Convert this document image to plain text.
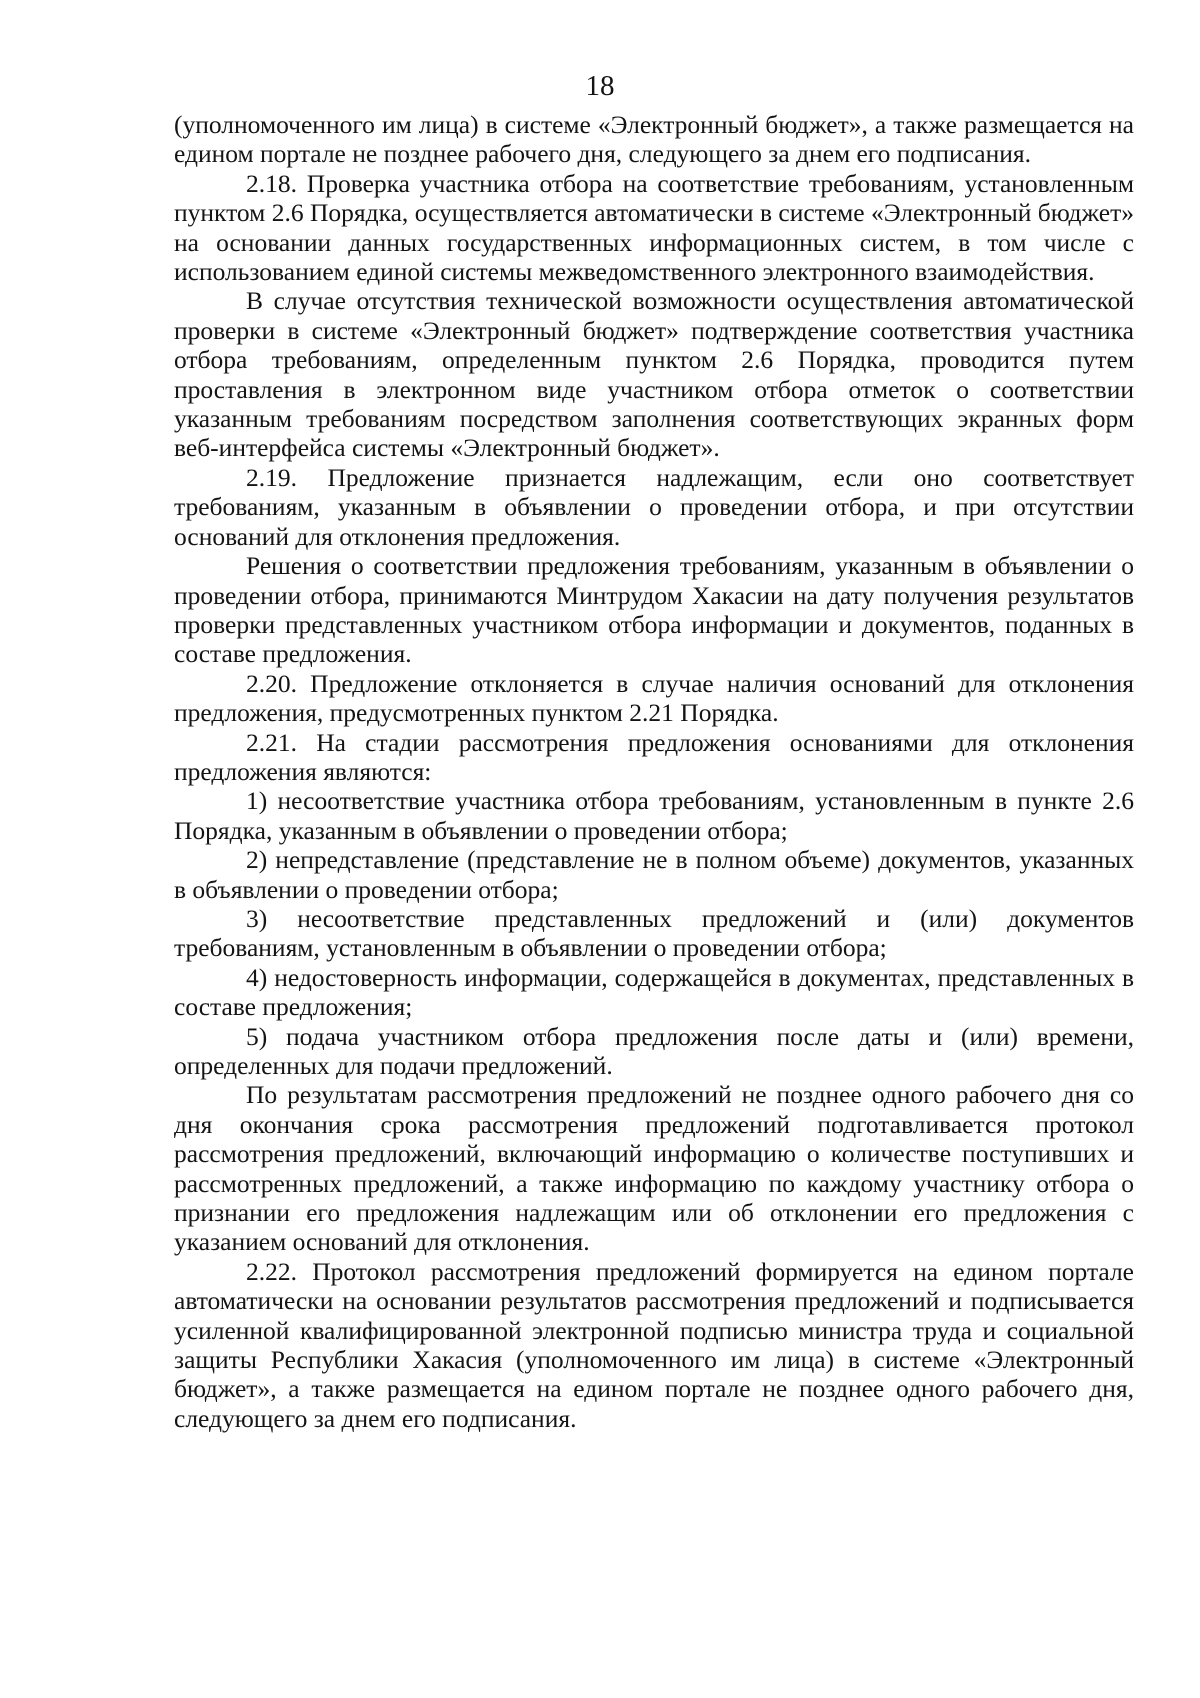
18

(уполномоченного им лица) в системе «Электронный бюджет», а также размещается на едином портале не позднее рабочего дня, следующего за днем его подписания.

2.18. Проверка участника отбора на соответствие требованиям, установленным пунктом 2.6 Порядка, осуществляется автоматически в системе «Электронный бюджет» на основании данных государственных информационных систем, в том числе с использованием единой системы межведомственного электронного взаимодействия.

В случае отсутствия технической возможности осуществления автоматической проверки в системе «Электронный бюджет» подтверждение соответствия участника отбора требованиям, определенным пунктом 2.6 Порядка, проводится путем проставления в электронном виде участником отбора отметок о соответствии указанным требованиям посредством заполнения соответствующих экранных форм веб-интерфейса системы «Электронный бюджет».

2.19. Предложение признается надлежащим, если оно соответствует требованиям, указанным в объявлении о проведении отбора, и при отсутствии оснований для отклонения предложения.

Решения о соответствии предложения требованиям, указанным в объявлении о проведении отбора, принимаются Минтрудом Хакасии на дату получения результатов проверки представленных участником отбора информации и документов, поданных в составе предложения.

2.20. Предложение отклоняется в случае наличия оснований для отклонения предложения, предусмотренных пунктом 2.21 Порядка.

2.21. На стадии рассмотрения предложения основаниями для отклонения предложения являются:

1) несоответствие участника отбора требованиям, установленным в пункте 2.6 Порядка, указанным в объявлении о проведении отбора;

2) непредставление (представление не в полном объеме) документов, указанных в объявлении о проведении отбора;

3) несоответствие представленных предложений и (или) документов требованиям, установленным в объявлении о проведении отбора;

4) недостоверность информации, содержащейся в документах, представленных в составе предложения;

5) подача участником отбора предложения после даты и (или) времени, определенных для подачи предложений.

По результатам рассмотрения предложений не позднее одного рабочего дня со дня окончания срока рассмотрения предложений подготавливается протокол рассмотрения предложений, включающий информацию о количестве поступивших и рассмотренных предложений, а также информацию по каждому участнику отбора о признании его предложения надлежащим или об отклонении его предложения с указанием оснований для отклонения.

2.22. Протокол рассмотрения предложений формируется на едином портале автоматически на основании результатов рассмотрения предложений и подписывается усиленной квалифицированной электронной подписью министра труда и социальной защиты Республики Хакасия (уполномоченного им лица) в системе «Электронный бюджет», а также размещается на едином портале не позднее одного рабочего дня, следующего за днем его подписания.
